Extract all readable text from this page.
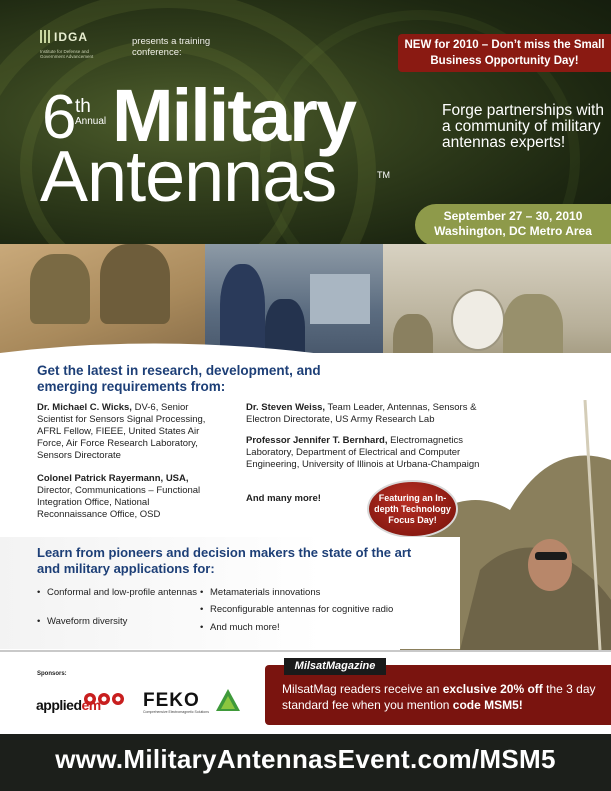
$^{IDGA}$
Institute for Defense and Government Advancement
presents a training conference:
NEW for 2010 – Don’t miss the Small Business Opportunity Day!
6
th
Annual Military
Antennas	TM
Forge partnerships with a community of military antennas experts!
September 27 – 30, 2010
Washington, DC Metro Area
Get the latest in research, development, and emerging requirements from:
Dr. Michael C. Wicks, DV-6, Senior Scientist for Sensors Signal Processing, AFRL Fellow, FIEEE, United States Air Force, Air Force Research Laboratory, Sensors Directorate
Colonel Patrick Rayermann, USA, Director, Communications – Functional Integration Office, National Reconnaissance Office, OSD
Dr. Steven Weiss, Team Leader, Antennas, Sensors & Electron Directorate, US Army Research Lab
Professor Jennifer T. Bernhard, Electromagnetics Laboratory, Department of Electrical and Computer Engineering, University of Illinois at Urbana-Champaign
And many more!	Featuring an In-depth Technology Focus Day!
Learn from pioneers and decision makers the state of the art and military applications for:
• Conformal and low-profile antennas
• Waveform diversity
• Metamaterials innovations
• Reconfigurable antennas for cognitive radio
• And much more!
Sponsors:
appliedem FEKO
Comprehensive Electromagnetic Solutions
MilsatMagazine
MilsatMag readers receive an exclusive 20% off the 3 day standard fee when you mention code MSM5!
www.MilitaryAntennasEvent.com/MSM5
